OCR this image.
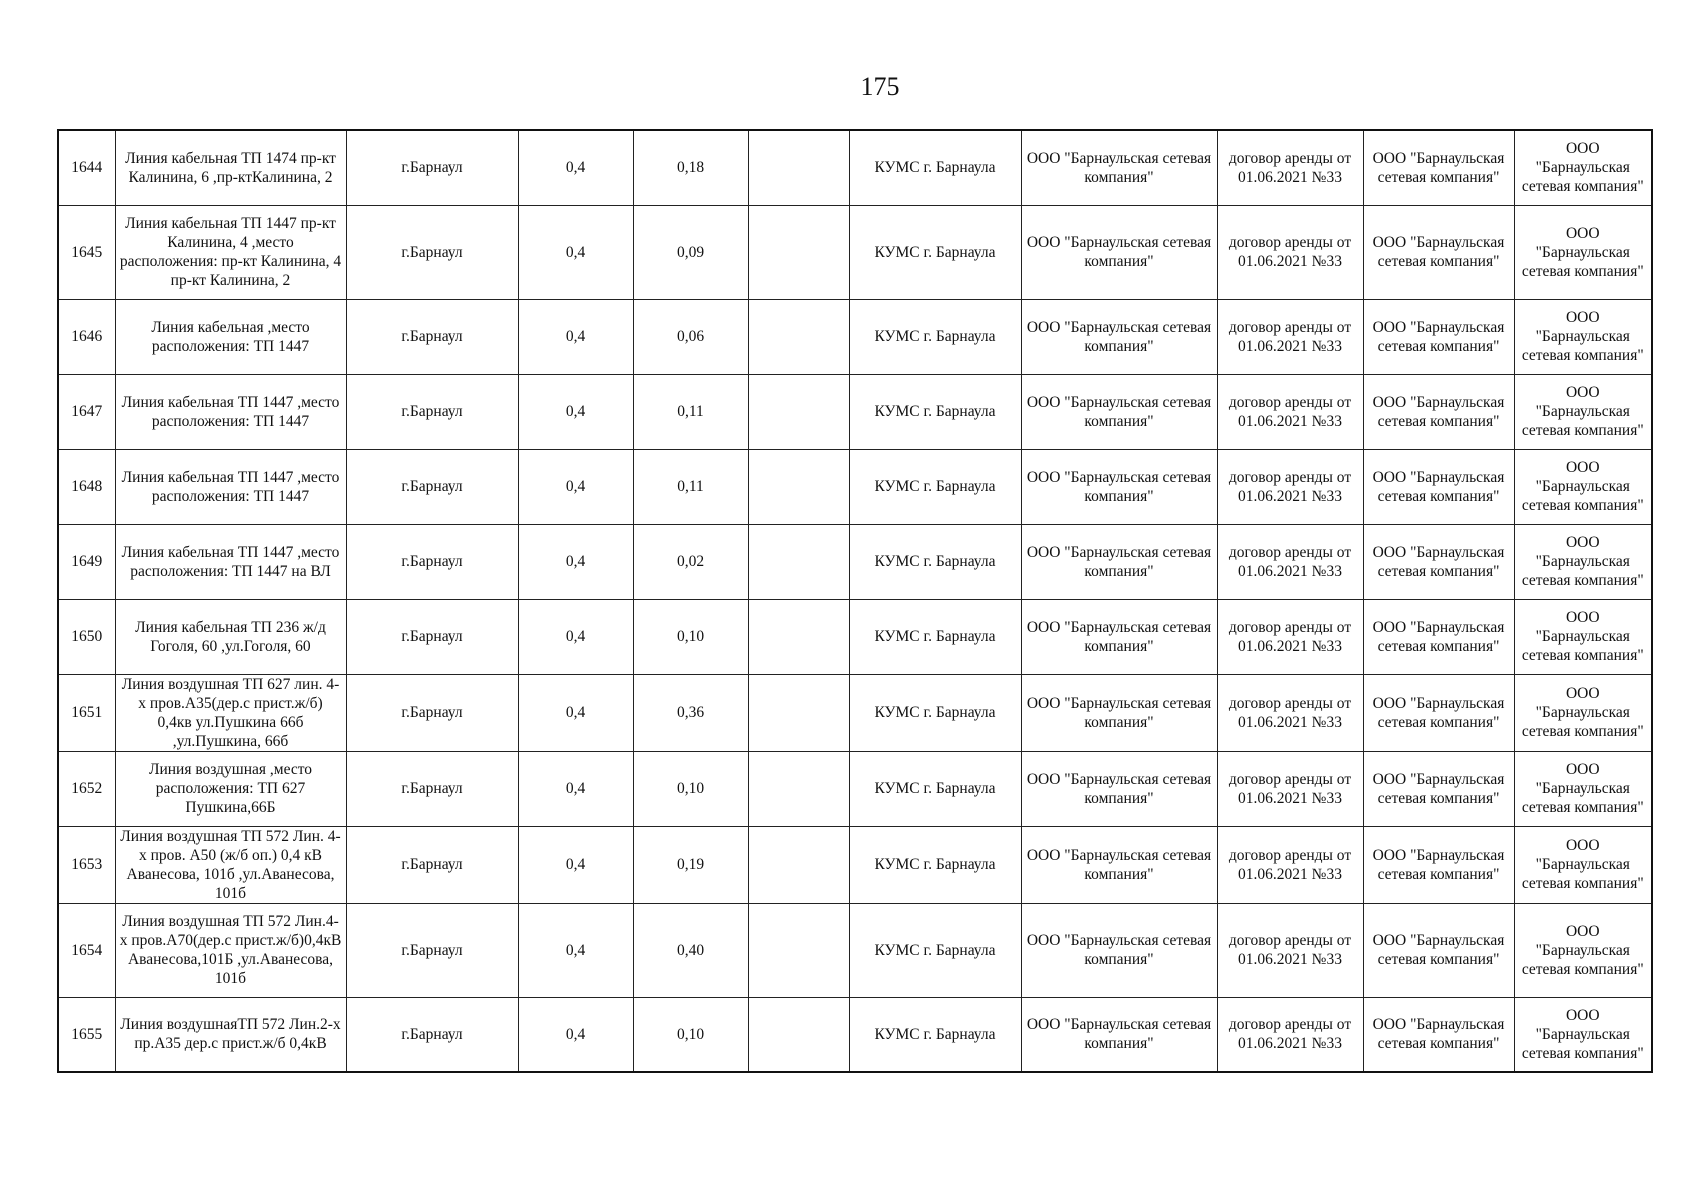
175
1644	Линия кабельная ТП 1474 пр-кт Калинина, 6 ,пр-ктКалинина, 2	г.Барнаул	0,4	0,18		КУМС г. Барнаула	ООО "Барнаульская сетевая компания"	договор аренды от 01.06.2021 №33	ООО "Барнаульская сетевая компания"	ООО "Барнаульская сетевая компания"
1645	Линия кабельная ТП 1447 пр-кт Калинина, 4 ,место расположения: пр-кт Калинина, 4 пр-кт Калинина, 2	г.Барнаул	0,4	0,09		КУМС г. Барнаула	ООО "Барнаульская сетевая компания"	договор аренды от 01.06.2021 №33	ООО "Барнаульская сетевая компания"	ООО "Барнаульская сетевая компания"
1646	Линия кабельная ,место расположения: ТП 1447	г.Барнаул	0,4	0,06		КУМС г. Барнаула	ООО "Барнаульская сетевая компания"	договор аренды от 01.06.2021 №33	ООО "Барнаульская сетевая компания"	ООО "Барнаульская сетевая компания"
1647	Линия кабельная ТП 1447 ,место расположения: ТП 1447	г.Барнаул	0,4	0,11		КУМС г. Барнаула	ООО "Барнаульская сетевая компания"	договор аренды от 01.06.2021 №33	ООО "Барнаульская сетевая компания"	ООО "Барнаульская сетевая компания"
1648	Линия кабельная ТП 1447 ,место расположения: ТП 1447	г.Барнаул	0,4	0,11		КУМС г. Барнаула	ООО "Барнаульская сетевая компания"	договор аренды от 01.06.2021 №33	ООО "Барнаульская сетевая компания"	ООО "Барнаульская сетевая компания"
1649	Линия кабельная ТП 1447 ,место расположения: ТП 1447 на ВЛ	г.Барнаул	0,4	0,02		КУМС г. Барнаула	ООО "Барнаульская сетевая компания"	договор аренды от 01.06.2021 №33	ООО "Барнаульская сетевая компания"	ООО "Барнаульская сетевая компания"
1650	Линия кабельная ТП 236 ж/д Гоголя, 60 ,ул.Гоголя, 60	г.Барнаул	0,4	0,10		КУМС г. Барнаула	ООО "Барнаульская сетевая компания"	договор аренды от 01.06.2021 №33	ООО "Барнаульская сетевая компания"	ООО "Барнаульская сетевая компания"
1651	Линия воздушная ТП 627 лин. 4-х пров.А35(дер.с прист.ж/б) 0,4кв ул.Пушкина 66б ,ул.Пушкина, 66б	г.Барнаул	0,4	0,36		КУМС г. Барнаула	ООО "Барнаульская сетевая компания"	договор аренды от 01.06.2021 №33	ООО "Барнаульская сетевая компания"	ООО "Барнаульская сетевая компания"
1652	Линия воздушная ,место расположения: ТП 627 Пушкина,66Б	г.Барнаул	0,4	0,10		КУМС г. Барнаула	ООО "Барнаульская сетевая компания"	договор аренды от 01.06.2021 №33	ООО "Барнаульская сетевая компания"	ООО "Барнаульская сетевая компания"
1653	Линия воздушная ТП 572 Лин. 4-х пров. А50 (ж/б оп.) 0,4 кВ Аванесова, 101б ,ул.Аванесова, 101б	г.Барнаул	0,4	0,19		КУМС г. Барнаула	ООО "Барнаульская сетевая компания"	договор аренды от 01.06.2021 №33	ООО "Барнаульская сетевая компания"	ООО "Барнаульская сетевая компания"
1654	Линия воздушная ТП 572 Лин.4-х пров.А70(дер.с прист.ж/б)0,4кВ Аванесова,101Б ,ул.Аванесова, 101б	г.Барнаул	0,4	0,40		КУМС г. Барнаула	ООО "Барнаульская сетевая компания"	договор аренды от 01.06.2021 №33	ООО "Барнаульская сетевая компания"	ООО "Барнаульская сетевая компания"
1655	Линия воздушнаяТП 572 Лин.2-х пр.А35 дер.с прист.ж/б 0,4кВ	г.Барнаул	0,4	0,10		КУМС г. Барнаула	ООО "Барнаульская сетевая компания"	договор аренды от 01.06.2021 №33	ООО "Барнаульская сетевая компания"	ООО "Барнаульская сетевая компания"
